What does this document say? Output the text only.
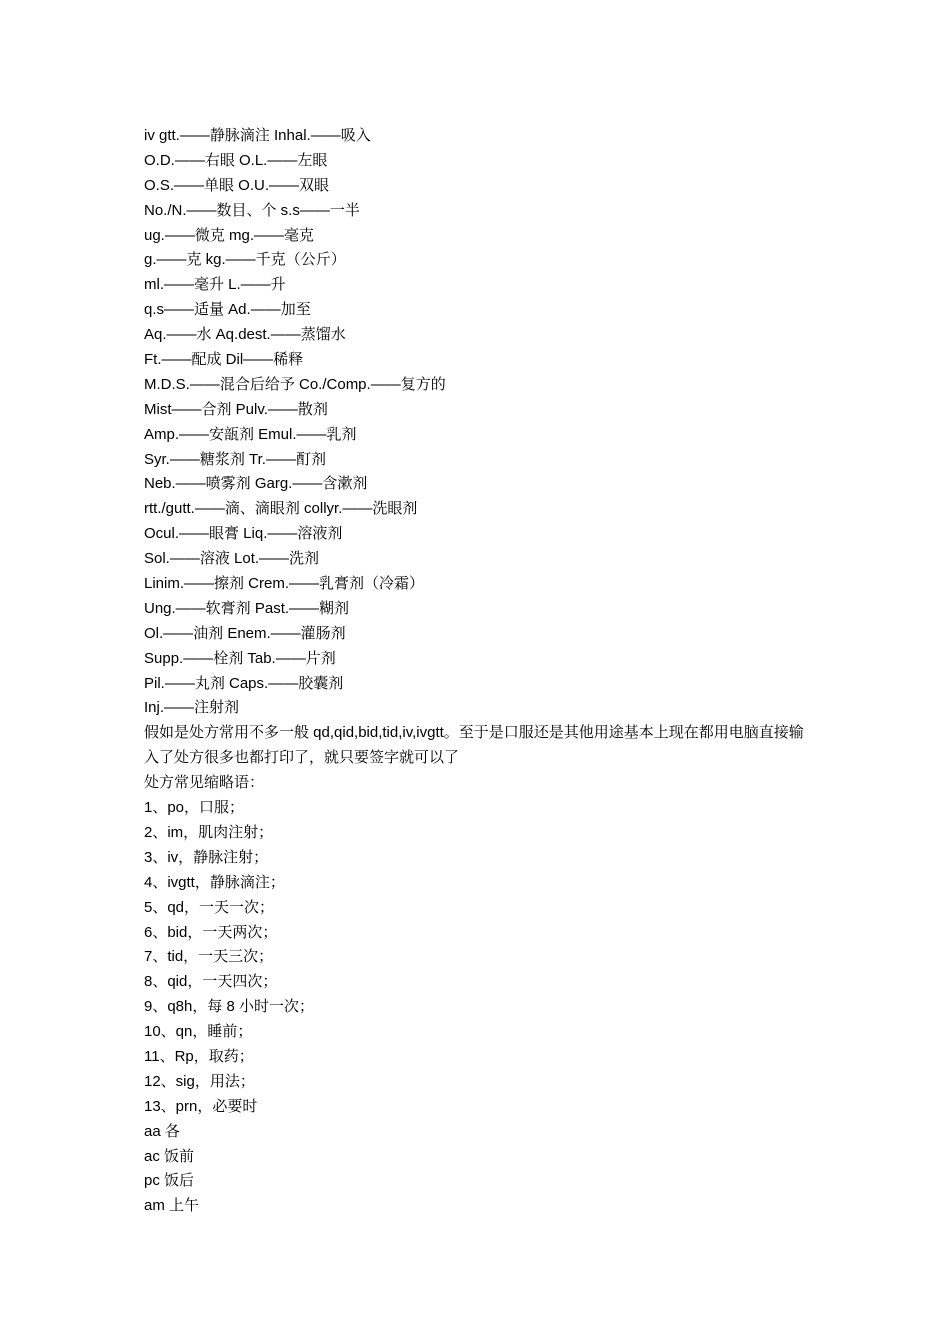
iv gtt.——静脉滴注 Inhal.——吸入
O.D.——右眼 O.L.——左眼
O.S.——单眼 O.U.——双眼
No./N.——数目、个 s.s——一半
ug.——微克 mg.——毫克
g.——克 kg.——千克（公斤）
ml.——毫升 L.——升
q.s——适量 Ad.——加至
Aq.——水 Aq.dest.——蒸馏水
Ft.——配成 Dil——稀释
M.D.S.——混合后给予 Co./Comp.——复方的
Mist——合剂 Pulv.——散剂
Amp.——安瓿剂 Emul.——乳剂
Syr.——糖浆剂 Tr.——酊剂
Neb.——喷雾剂 Garg.——含漱剂
rtt./gutt.——滴、滴眼剂 collyr.——洗眼剂
Ocul.——眼膏 Liq.——溶液剂
Sol.——溶液 Lot.——洗剂
Linim.——擦剂 Crem.——乳膏剂（冷霜）
Ung.——软膏剂 Past.——糊剂
Ol.——油剂 Enem.——灌肠剂
Supp.——栓剂 Tab.——片剂
Pil.——丸剂 Caps.——胶囊剂
Inj.——注射剂
假如是处方常用不多一般 qd,qid,bid,tid,iv,ivgtt。至于是口服还是其他用途基本上现在都用电脑直接输入了处方很多也都打印了，就只要签字就可以了
处方常见缩略语：
1、po，口服；
2、im，肌肉注射；
3、iv，静脉注射；
4、ivgtt，静脉滴注；
5、qd，一天一次；
6、bid，一天两次；
7、tid，一天三次；
8、qid，一天四次；
9、q8h，每 8 小时一次；
10、qn，睡前；
11、Rp，取药；
12、sig，用法；
13、prn，必要时
aa 各
ac 饭前
pc 饭后
am 上午
